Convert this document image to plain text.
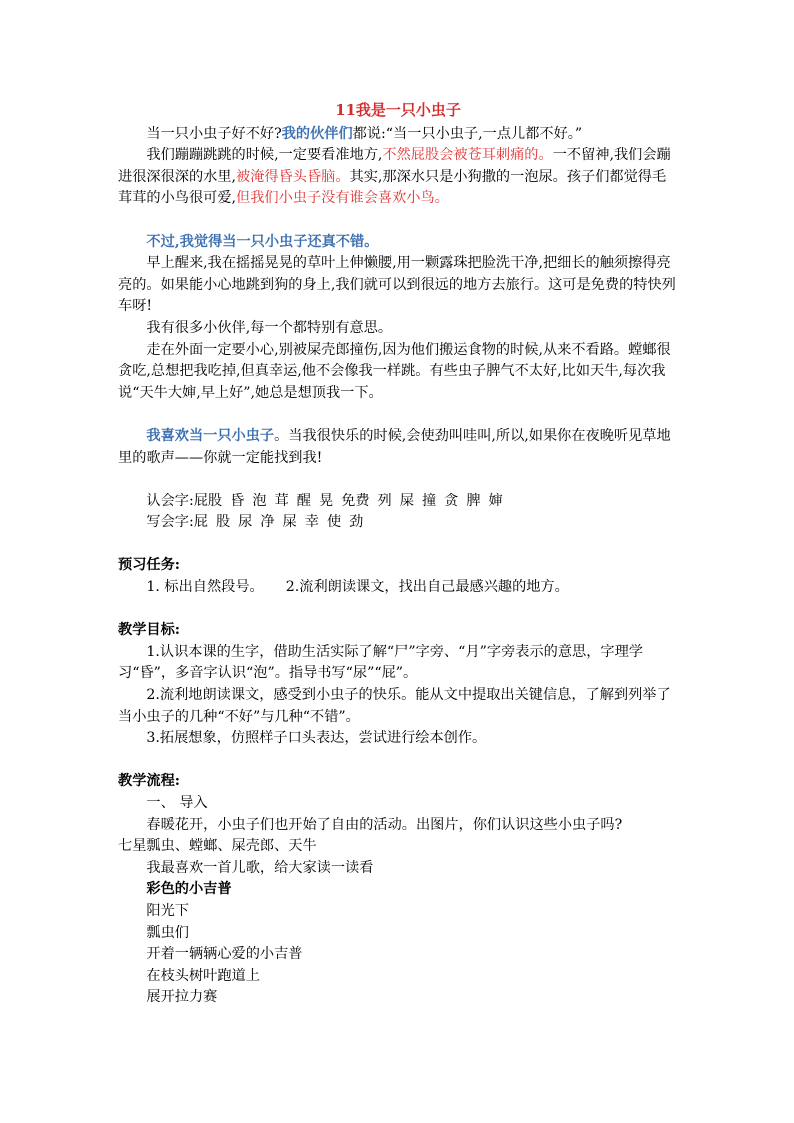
11我是一只小虫子

当一只小虫子好不好?我的伙伴们都说:“当一只小虫子,一点儿都不好。”

我们蹦蹦跳跳的时候,一定要看准地方,不然屁股会被苍耳刺痛的。一不留神,我们会蹦进很深很深的水里,被淹得昏头昏脑。其实,那深水只是小狗撒的一泡尿。孩子们都觉得毛茸茸的小鸟很可爱,但我们小虫子没有谁会喜欢小鸟。

不过,我觉得当一只小虫子还真不错。

早上醒来,我在摇摇晃晃的草叶上伸懒腰,用一颗露珠把脸洗干净,把细长的触须擦得亮亮的。如果能小心地跳到狗的身上,我们就可以到很远的地方去旅行。这可是免费的特快列车呀!

我有很多小伙伴,每一个都特别有意思。

走在外面一定要小心,别被屎壳郎撞伤,因为他们搬运食物的时候,从来不看路。螳螂很贪吃,总想把我吃掉,但真幸运,他不会像我一样跳。有些虫子脾气不太好,比如天牛,每次我说“天牛大婶,早上好”,她总是想顶我一下。

我喜欢当一只小虫子。当我很快乐的时候,会使劲叫哇叫,所以,如果你在夜晚听见草地里的歌声——你就一定能找到我!

认会字:屁股 昏 泡 茸 醒 晃 免费 列 屎 撞 贪 脾 婶

写会字:屁 股 尿 净 屎 幸 使 劲

预习任务:

1. 标出自然段号。 2.流利朗读课文，找出自己最感兴趣的地方。

教学目标:

1.认识本课的生字，借助生活实际了解“尸”字旁、“月”字旁表示的意思，字理学习“昏”，多音字认识“泡”。指导书写“尿”“屁”。

2.流利地朗读课文，感受到小虫子的快乐。能从文中提取出关键信息，了解到列举了当小虫子的几种“不好”与几种“不错”。

3.拓展想象，仿照样子口头表达，尝试进行绘本创作。

教学流程:

一、 导入

春暖花开，小虫子们也开始了自由的活动。出图片，你们认识这些小虫子吗?

七星瓢虫、螳螂、屎壳郎、天牛

我最喜欢一首儿歌，给大家读一读看

彩色的小吉普

阳光下

瓢虫们

开着一辆辆心爱的小吉普

在枝头树叶跑道上

展开拉力赛
